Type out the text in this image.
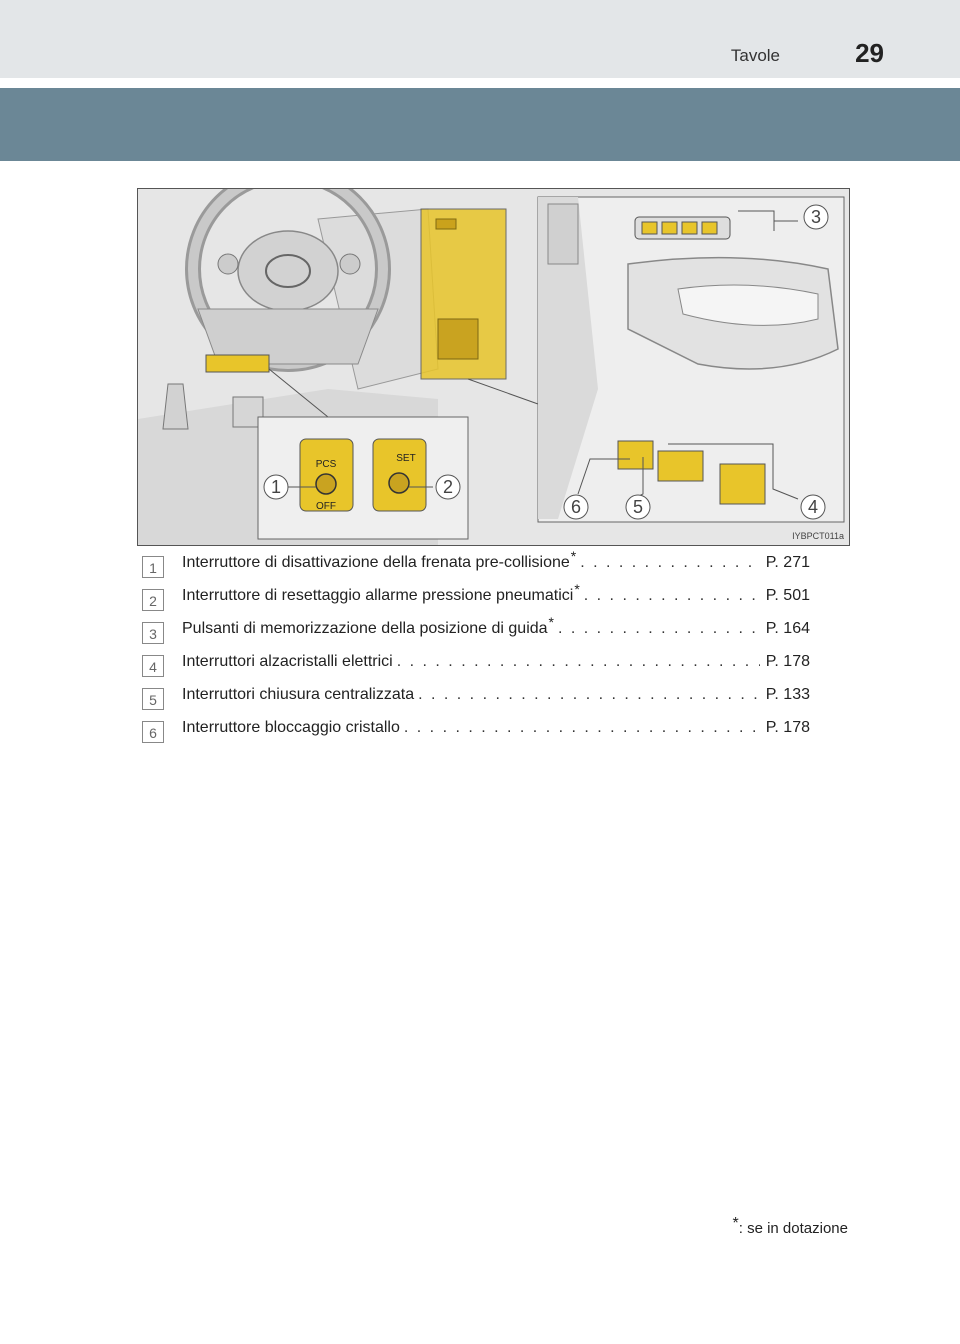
Tavole	29
PCS
OFF
SET
1	2
3
4
5
6
IYBPCT011a
1	Interruttore di disattivazione della frenata pre-collisione * . . .	P. 271
2	Interruttore di resettaggio allarme pressione pneumatici * . . .	P. 501
3	Pulsanti di memorizzazione della posizione di guida * . . .	P. 164
4	Interruttori alzacristalli elettrici . . .	P. 178
5	Interruttori chiusura centralizzata . . .	P. 133
6	Interruttore bloccaggio cristallo . . .	P. 178
*: se in dotazione
